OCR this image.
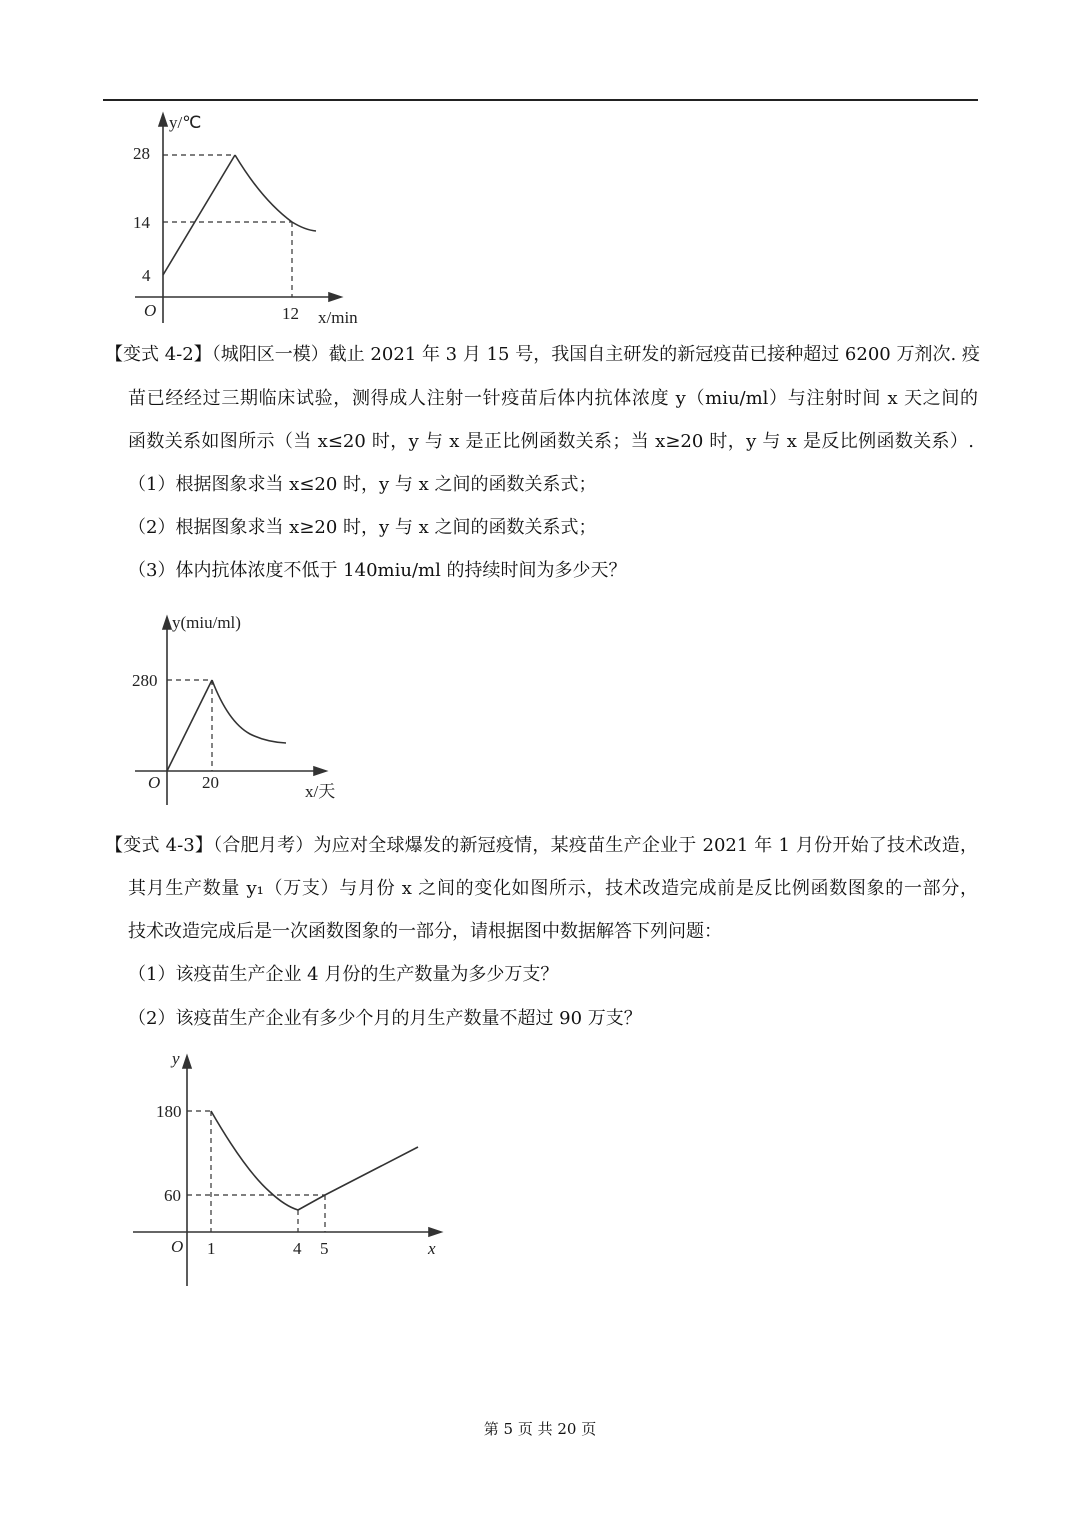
y/℃
28
14
4
O	12 x/min
【变式 4-2】（城阳区一模）截止 2021 年 3 月 15 号，我国自主研发的新冠疫苗已接种超过 6200 万剂次. 疫
苗已经经过三期临床试验，测得成人注射一针疫苗后体内抗体浓度 y（miu/ml）与注射时间 x 天之间的
函数关系如图所示（当 x≤20 时，y 与 x 是正比例函数关系；当 x≥20 时，y 与 x 是反比例函数关系）.
（1）根据图象求当 x≤20 时，y 与 x 之间的函数关系式；
（2）根据图象求当 x≥20 时，y 与 x 之间的函数关系式；
（3）体内抗体浓度不低于 140miu/ml 的持续时间为多少天？
y(miu/ml)
280
O 20	x/天
【变式 4-3】（合肥月考）为应对全球爆发的新冠疫情，某疫苗生产企业于 2021 年 1 月份开始了技术改造，
其月生产数量 y₁（万支）与月份 x 之间的变化如图所示，技术改造完成前是反比例函数图象的一部分，
技术改造完成后是一次函数图象的一部分，请根据图中数据解答下列问题：
（1）该疫苗生产企业 4 月份的生产数量为多少万支？
（2）该疫苗生产企业有多少个月的月生产数量不超过 90 万支？
y
180
60
O 1	4 5	x
第 5 页 共 20 页
